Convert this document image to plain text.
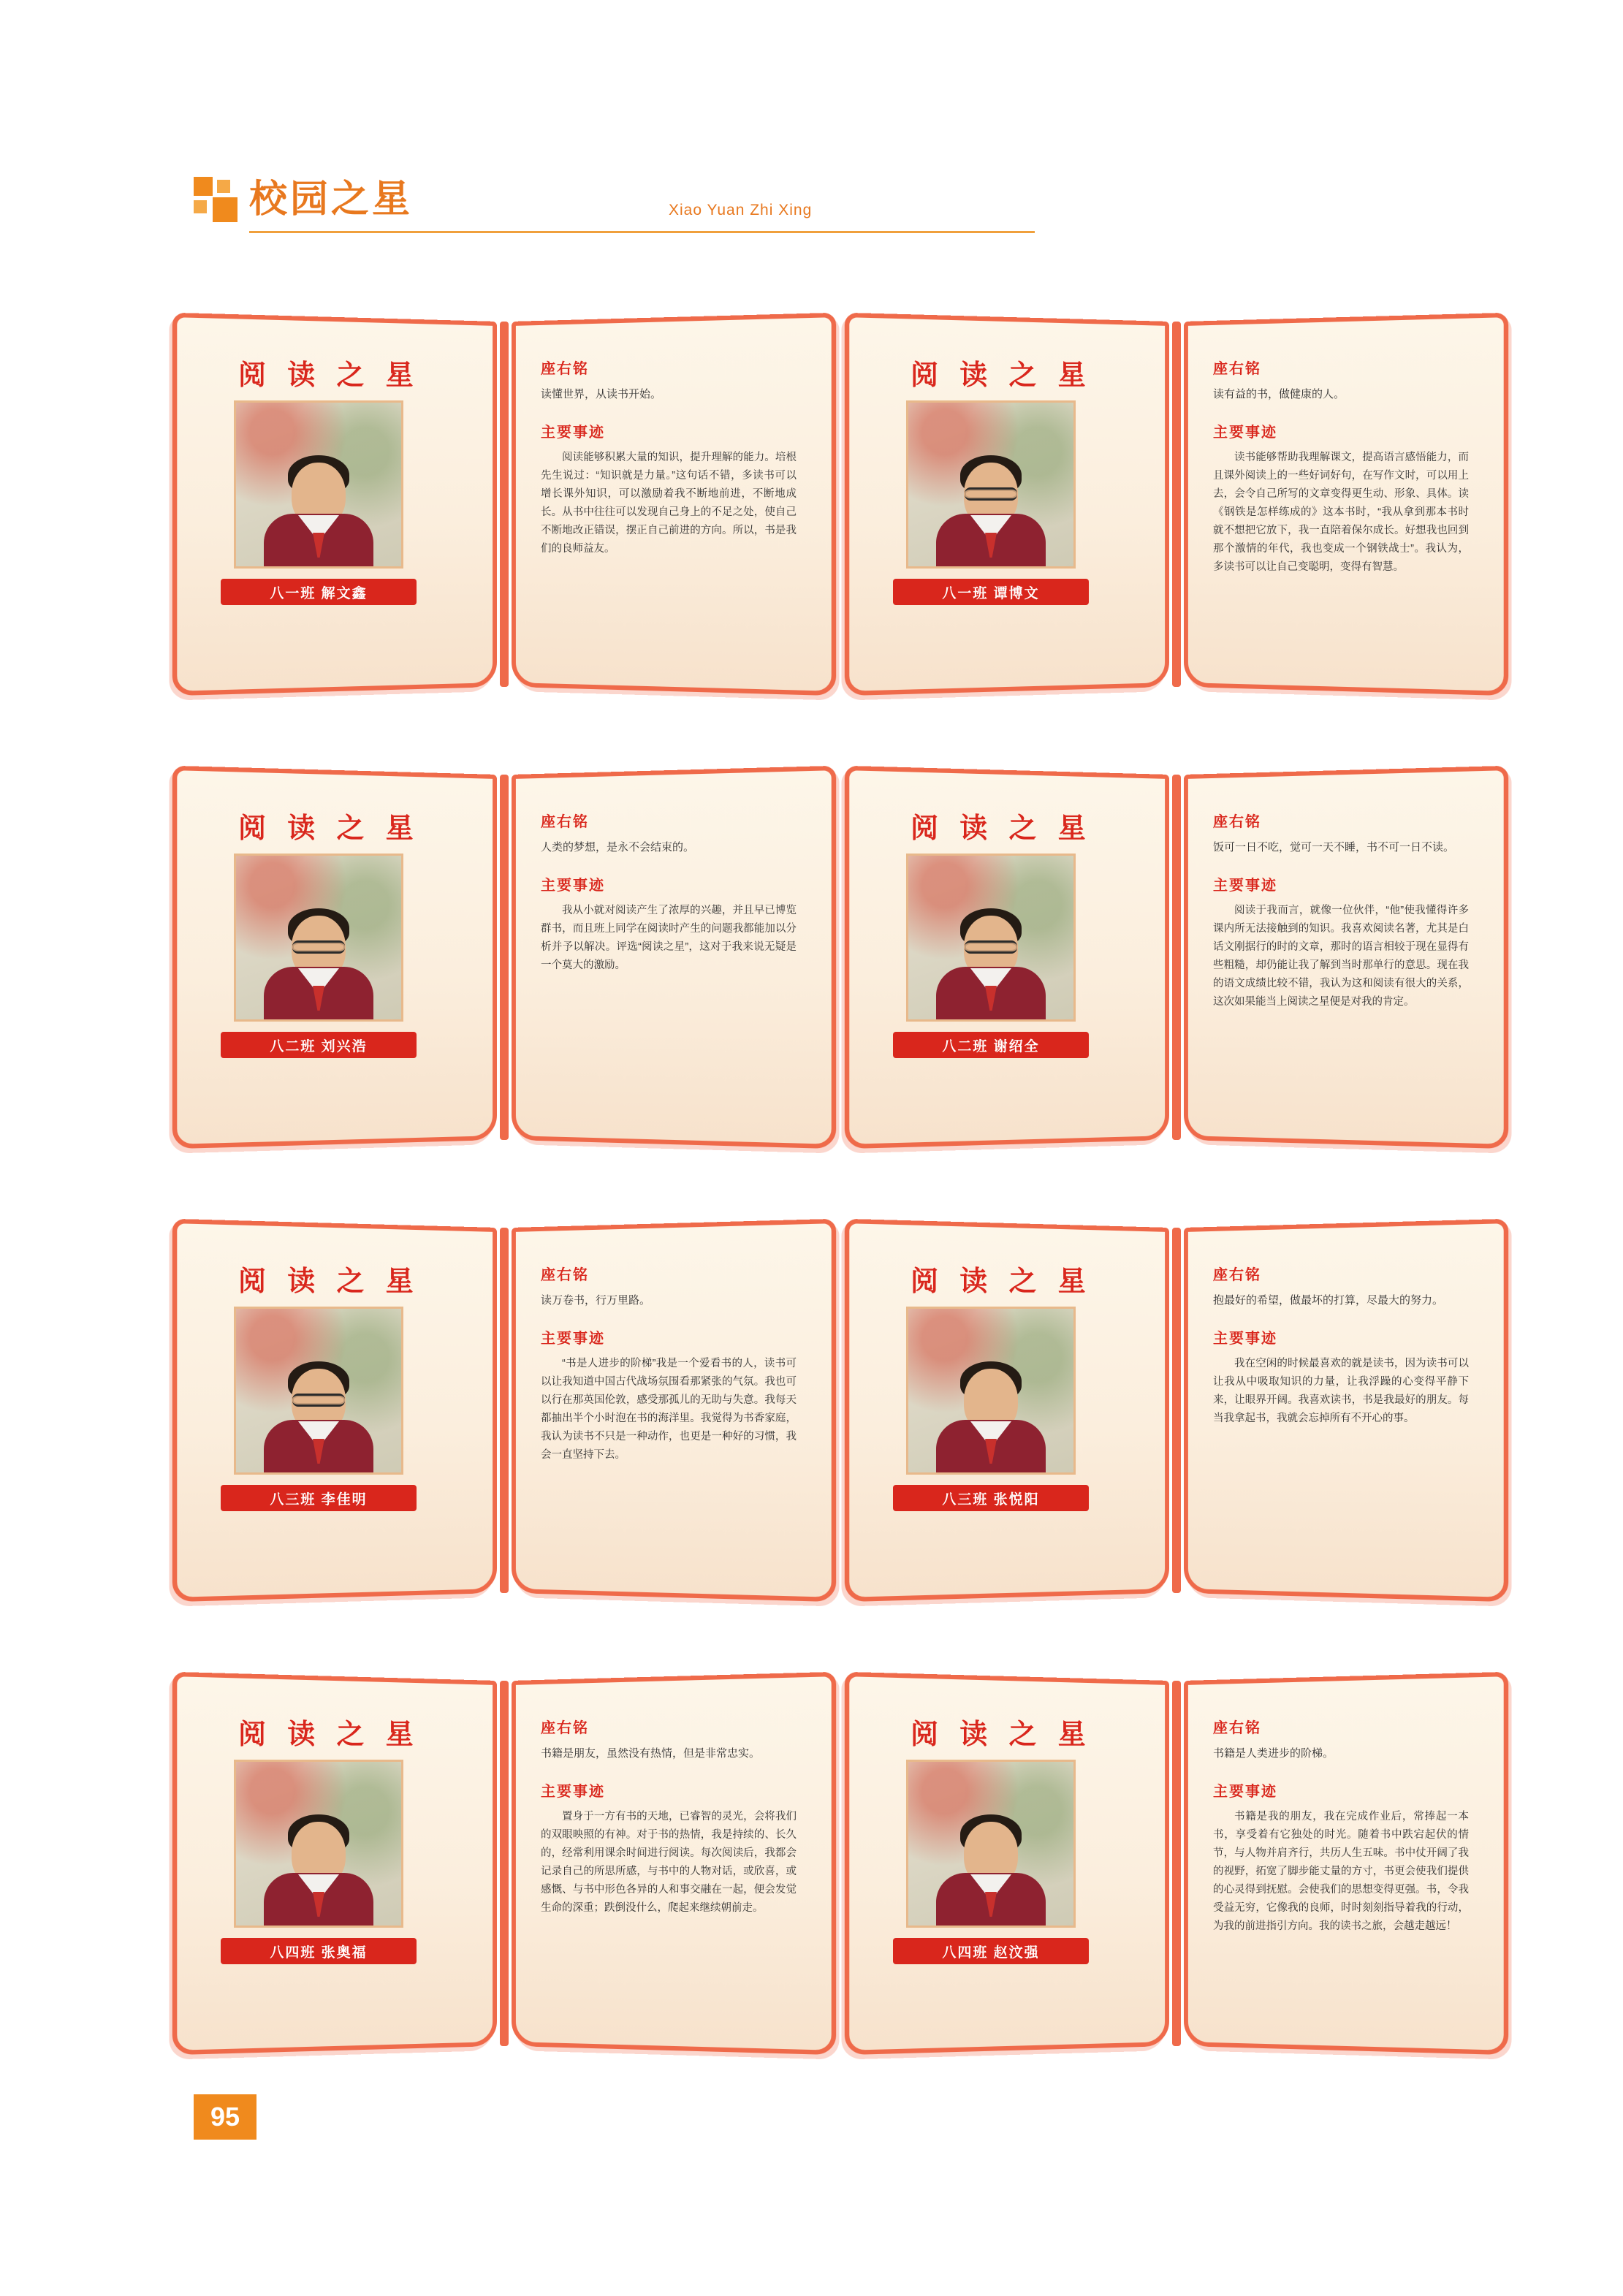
校园之星	Xiao Yuan Zhi Xing
阅 读 之 星
八一班 解文鑫

座右铭

读懂世界，从读书开始。

主要事迹

阅读能够积累大量的知识，提升理解的能力。培根先生说过：“知识就是力量。”这句话不错，多读书可以增长课外知识，可以激励着我不断地前进，不断地成长。从书中往往可以发现自己身上的不足之处，使自己不断地改正错误，摆正自己前进的方向。所以，书是我们的良师益友。

阅 读 之 星
八一班 谭博文

座右铭

读有益的书，做健康的人。

主要事迹

读书能够帮助我理解课文，提高语言感悟能力，而且课外阅读上的一些好词好句，在写作文时，可以用上去，会令自己所写的文章变得更生动、形象、具体。读《钢铁是怎样练成的》这本书时，“我从拿到那本书时就不想把它放下，我一直陪着保尔成长。好想我也回到那个激情的年代，我也变成一个钢铁战士”。我认为，多读书可以让自己变聪明，变得有智慧。

阅 读 之 星
八二班 刘兴浩

座右铭

人类的梦想，是永不会结束的。

主要事迹

我从小就对阅读产生了浓厚的兴趣，并且早已博览群书，而且班上同学在阅读时产生的问题我都能加以分析并予以解决。评选“阅读之星”，这对于我来说无疑是一个莫大的激励。

阅 读 之 星
八二班 谢绍全

座右铭

饭可一日不吃，觉可一天不睡，书不可一日不读。

主要事迹

阅读于我而言，就像一位伙伴，“他”使我懂得许多课内所无法接触到的知识。我喜欢阅读名著，尤其是白话文刚据行的时的文章，那时的语言相较于现在显得有些粗糙，却仍能让我了解到当时那单行的意思。现在我的语文成绩比较不错，我认为这和阅读有很大的关系，这次如果能当上阅读之星便是对我的肯定。

阅 读 之 星
八三班 李佳明

座右铭

读万卷书，行万里路。

主要事迹

“书是人进步的阶梯”我是一个爱看书的人，读书可以让我知道中国古代战场氛围看那紧张的气氛。我也可以行在那英国伦敦，感受那孤儿的无助与失意。我每天都抽出半个小时泡在书的海洋里。我觉得为书香家庭，我认为读书不只是一种动作，也更是一种好的习惯，我会一直坚持下去。

阅 读 之 星
八三班 张悦阳

座右铭

抱最好的希望，做最坏的打算，尽最大的努力。

主要事迹

我在空闲的时候最喜欢的就是读书，因为读书可以让我从中吸取知识的力量，让我浮躁的心变得平静下来，让眼界开阔。我喜欢读书，书是我最好的朋友。每当我拿起书，我就会忘掉所有不开心的事。

阅 读 之 星
八四班 张奥福

座右铭

书籍是朋友，虽然没有热情，但是非常忠实。

主要事迹

置身于一方有书的天地，已睿智的灵光，会将我们的双眼映照的有神。对于书的热情，我是持续的、长久的，经常利用课余时间进行阅读。每次阅读后，我都会记录自己的所思所感，与书中的人物对话，或欣喜，或感慨、与书中形色各异的人和事交融在一起，便会发觉生命的深重；跌倒没什么，爬起来继续朝前走。

阅 读 之 星
八四班 赵汶强

座右铭

书籍是人类进步的阶梯。

主要事迹

书籍是我的朋友，我在完成作业后，常捧起一本书，享受着有它独处的时光。随着书中跌宕起伏的情节，与人物并肩齐行，共历人生五味。书中仗开阔了我的视野，拓宽了脚步能丈量的方寸，书更会使我们提供的心灵得到抚慰。会使我们的思想变得更强。书，令我受益无穷，它像我的良师，时时刻刻指导着我的行动，为我的前进指引方向。我的读书之旅，会越走越远！

95
